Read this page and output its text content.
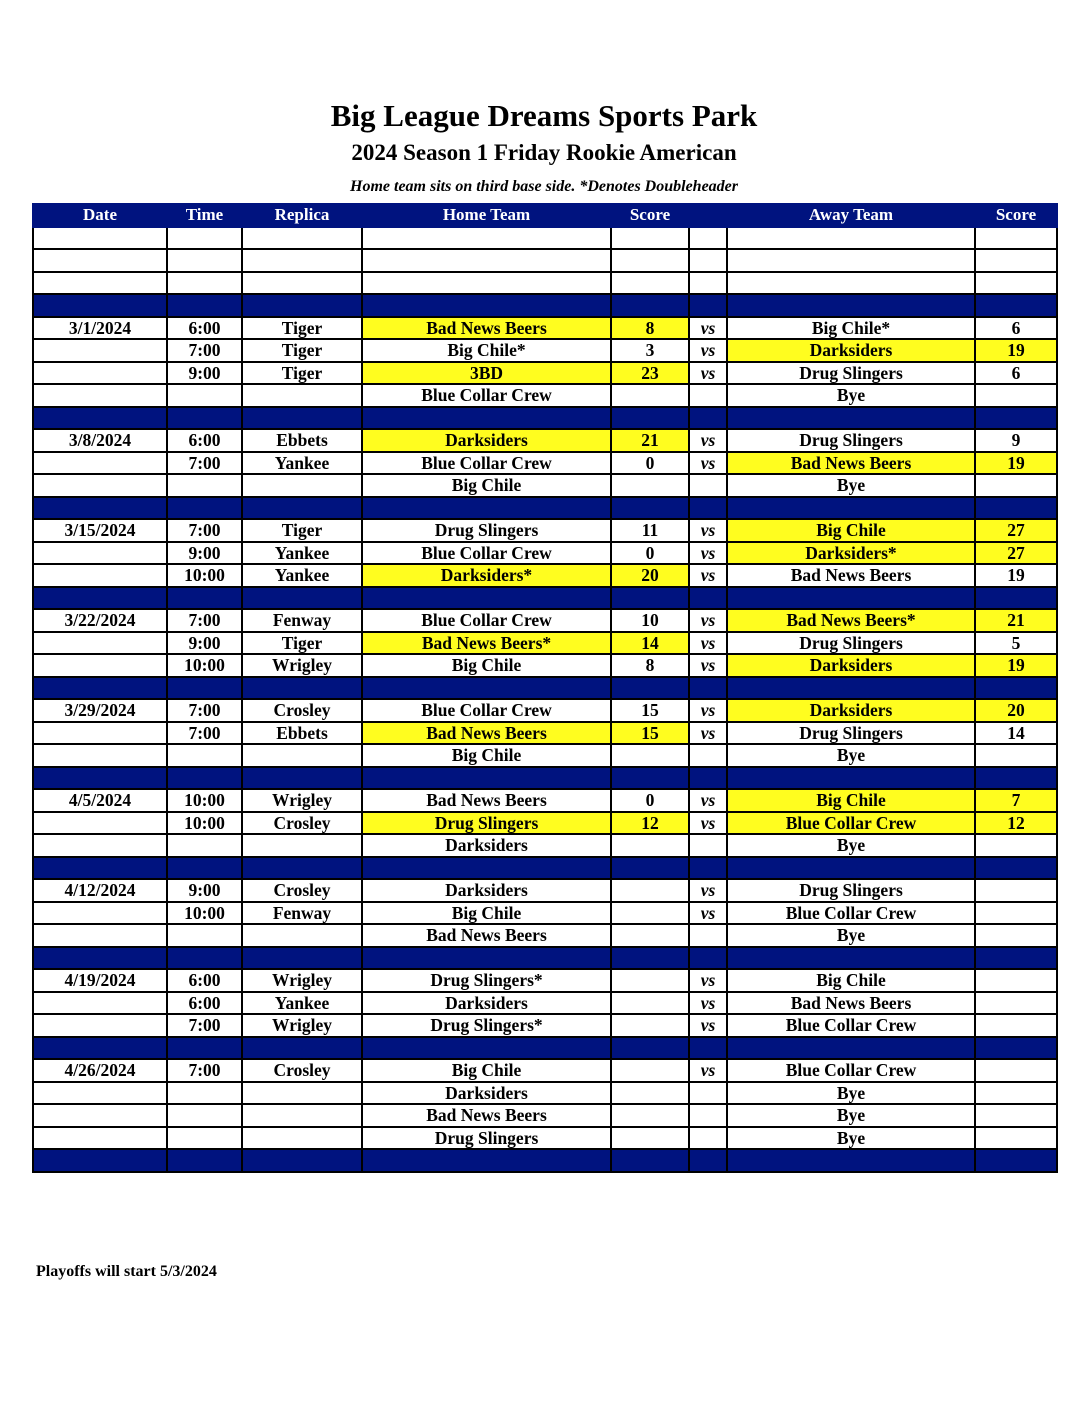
Big League Dreams Sports Park
2024 Season 1 Friday Rookie American
Home team sits on third base side. *Denotes Doubleheader
Date	Time	Replica	Home Team	Score		Away Team	Score

3/1/2024	6:00	Tiger	Bad News Beers	8	vs	Big Chile*	6
	7:00	Tiger	Big Chile*	3	vs	Darksiders	19
	9:00	Tiger	3BD	23	vs	Drug Slingers	6
			Blue Collar Crew			Bye	

3/8/2024	6:00	Ebbets	Darksiders	21	vs	Drug Slingers	9
	7:00	Yankee	Blue Collar Crew	0	vs	Bad News Beers	19
			Big Chile			Bye	

3/15/2024	7:00	Tiger	Drug Slingers	11	vs	Big Chile	27
	9:00	Yankee	Blue Collar Crew	0	vs	Darksiders*	27
	10:00	Yankee	Darksiders*	20	vs	Bad News Beers	19

3/22/2024	7:00	Fenway	Blue Collar Crew	10	vs	Bad News Beers*	21
	9:00	Tiger	Bad News Beers*	14	vs	Drug Slingers	5
	10:00	Wrigley	Big Chile	8	vs	Darksiders	19

3/29/2024	7:00	Crosley	Blue Collar Crew	15	vs	Darksiders	20
	7:00	Ebbets	Bad News Beers	15	vs	Drug Slingers	14
			Big Chile			Bye	

4/5/2024	10:00	Wrigley	Bad News Beers	0	vs	Big Chile	7
	10:00	Crosley	Drug Slingers	12	vs	Blue Collar Crew	12
			Darksiders			Bye	

4/12/2024	9:00	Crosley	Darksiders		vs	Drug Slingers	
	10:00	Fenway	Big Chile		vs	Blue Collar Crew	
			Bad News Beers			Bye	

4/19/2024	6:00	Wrigley	Drug Slingers*		vs	Big Chile	
	6:00	Yankee	Darksiders		vs	Bad News Beers	
	7:00	Wrigley	Drug Slingers*		vs	Blue Collar Crew	

4/26/2024	7:00	Crosley	Big Chile		vs	Blue Collar Crew	
			Darksiders			Bye	
			Bad News Beers			Bye	
			Drug Slingers			Bye	

Playoffs will start 5/3/2024
